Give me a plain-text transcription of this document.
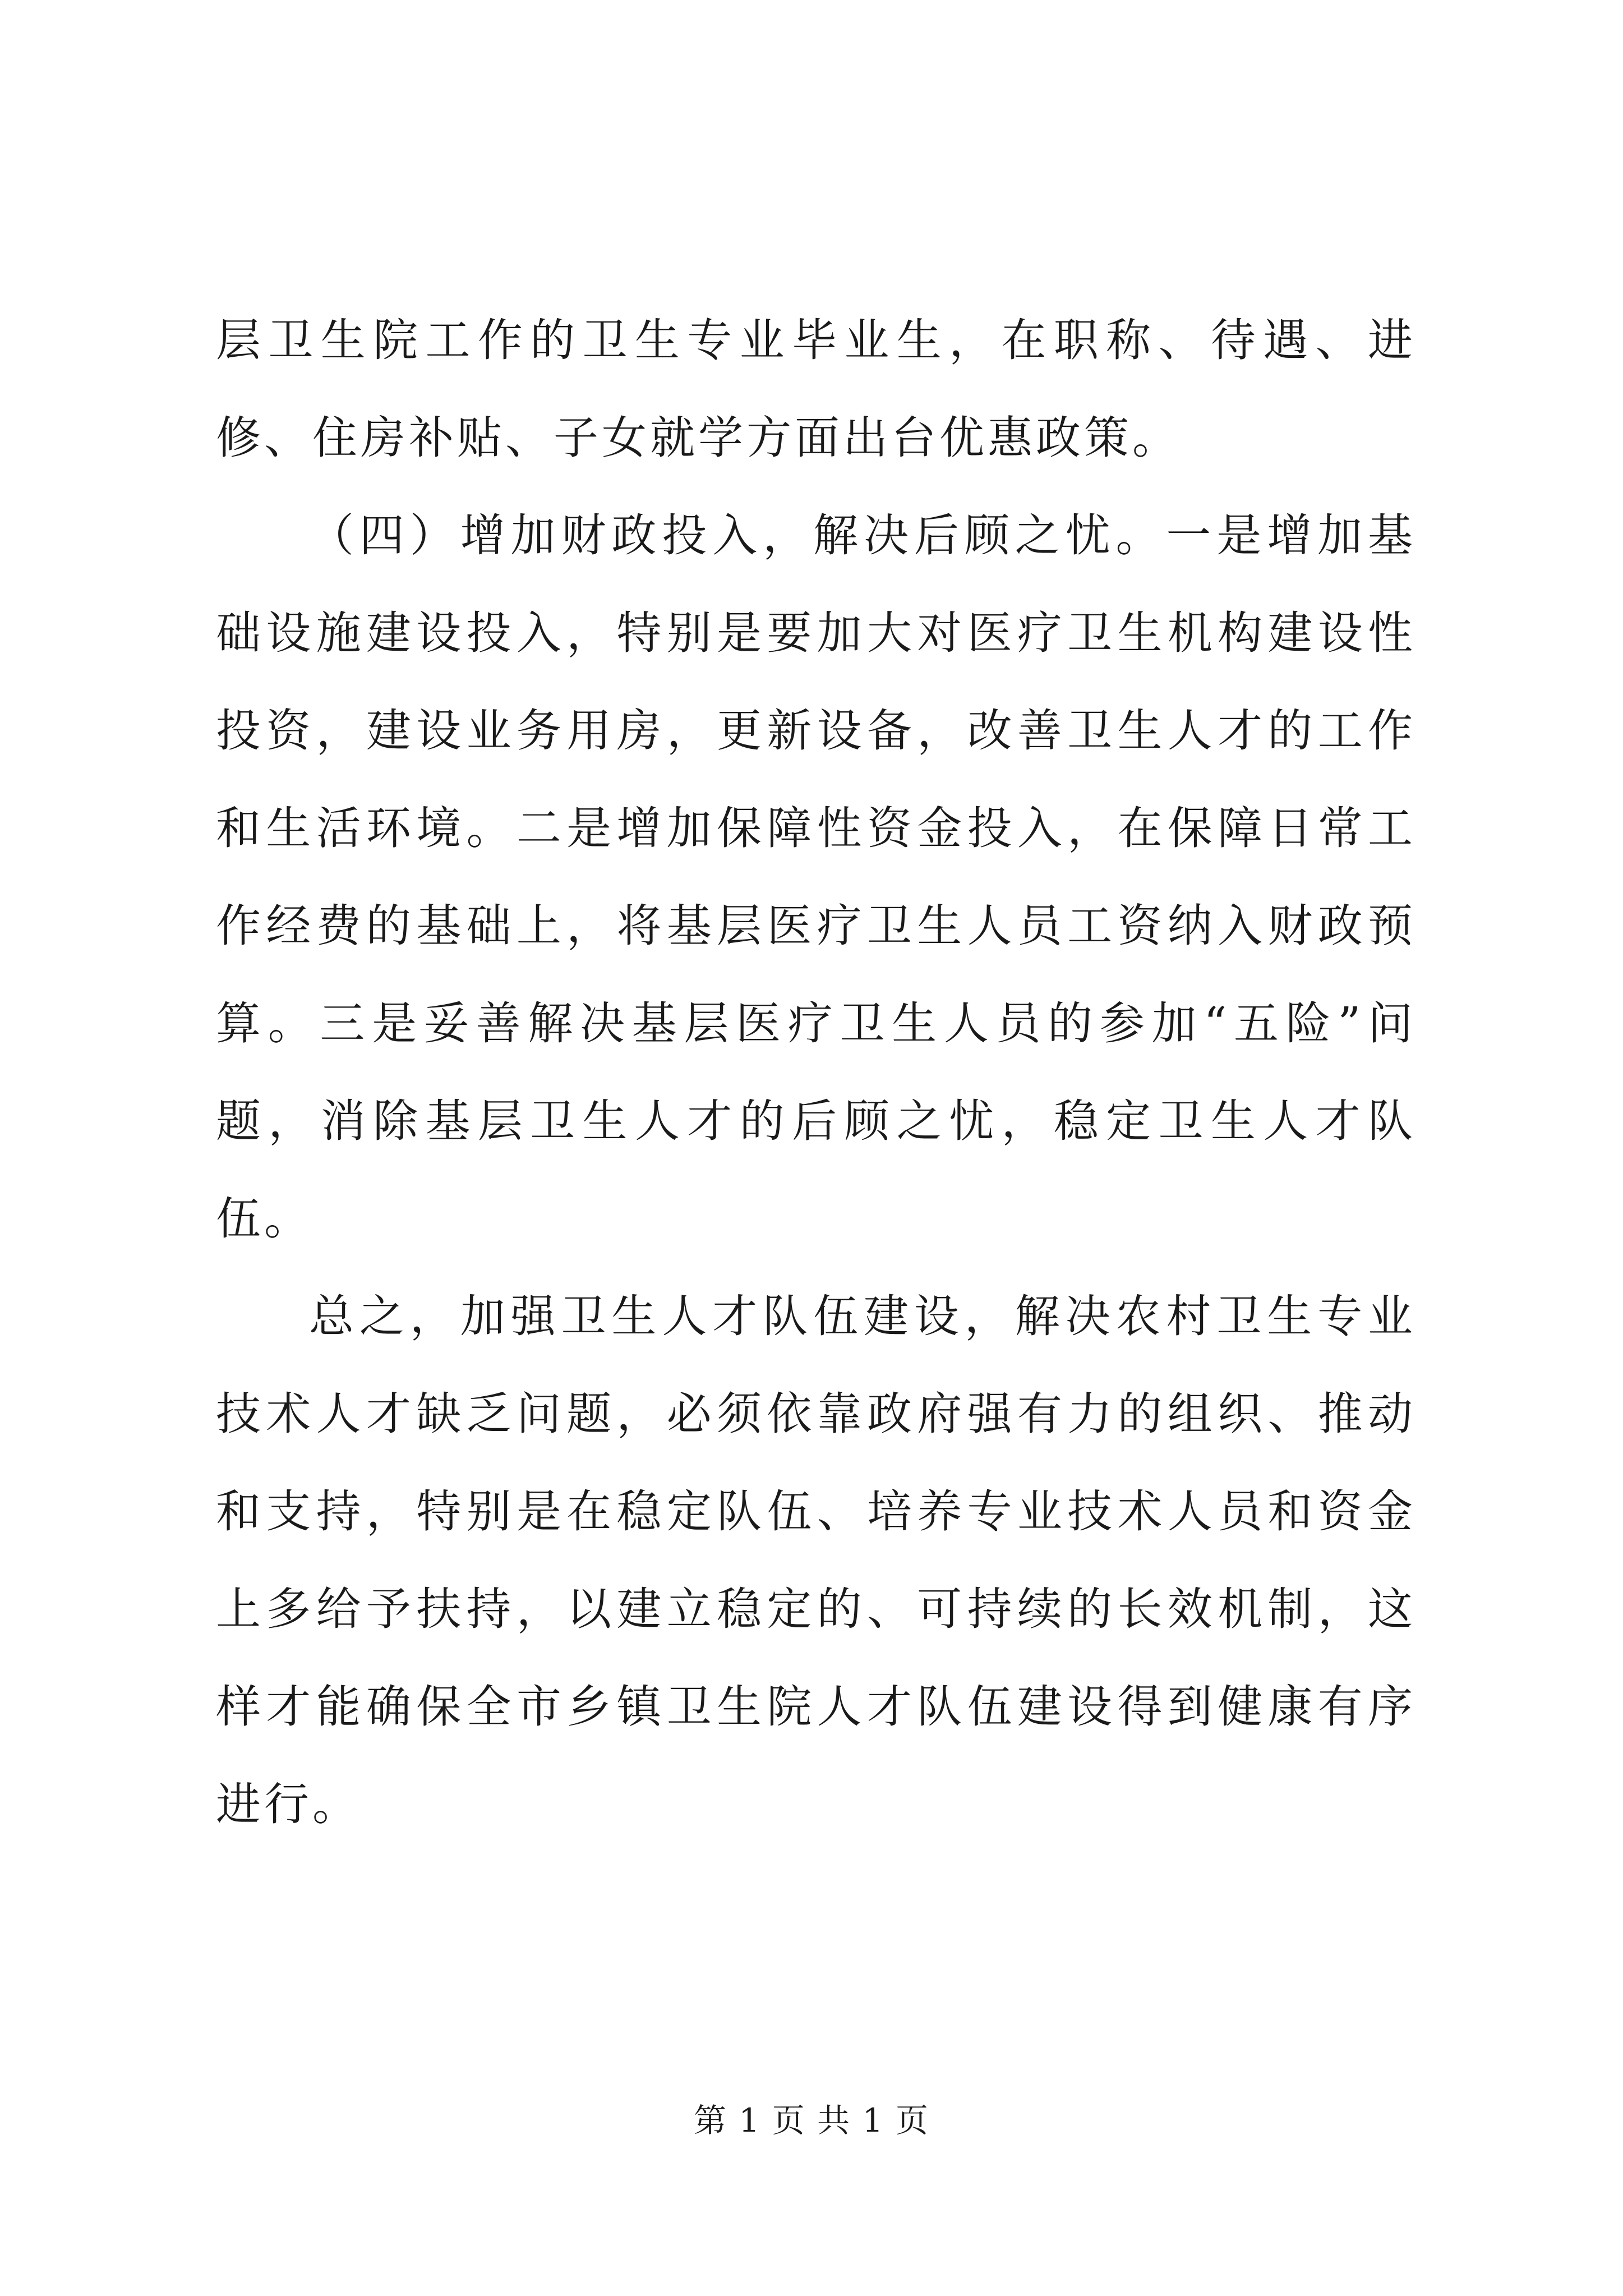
层卫生院工作的卫生专业毕业生，在职称、待遇、进修、住房补贴、子女就学方面出台优惠政策。

（四）增加财政投入，解决后顾之忧。一是增加基础设施建设投入，特别是要加大对医疗卫生机构建设性投资，建设业务用房，更新设备，改善卫生人才的工作和生活环境。二是增加保障性资金投入，在保障日常工作经费的基础上，将基层医疗卫生人员工资纳入财政预算。三是妥善解决基层医疗卫生人员的参加“五险”问题，消除基层卫生人才的后顾之忧，稳定卫生人才队伍。

总之，加强卫生人才队伍建设，解决农村卫生专业技术人才缺乏问题，必须依靠政府强有力的组织、推动和支持，特别是在稳定队伍、培养专业技术人员和资金上多给予扶持，以建立稳定的、可持续的长效机制，这样才能确保全市乡镇卫生院人才队伍建设得到健康有序进行。

第 1 页 共 1 页
